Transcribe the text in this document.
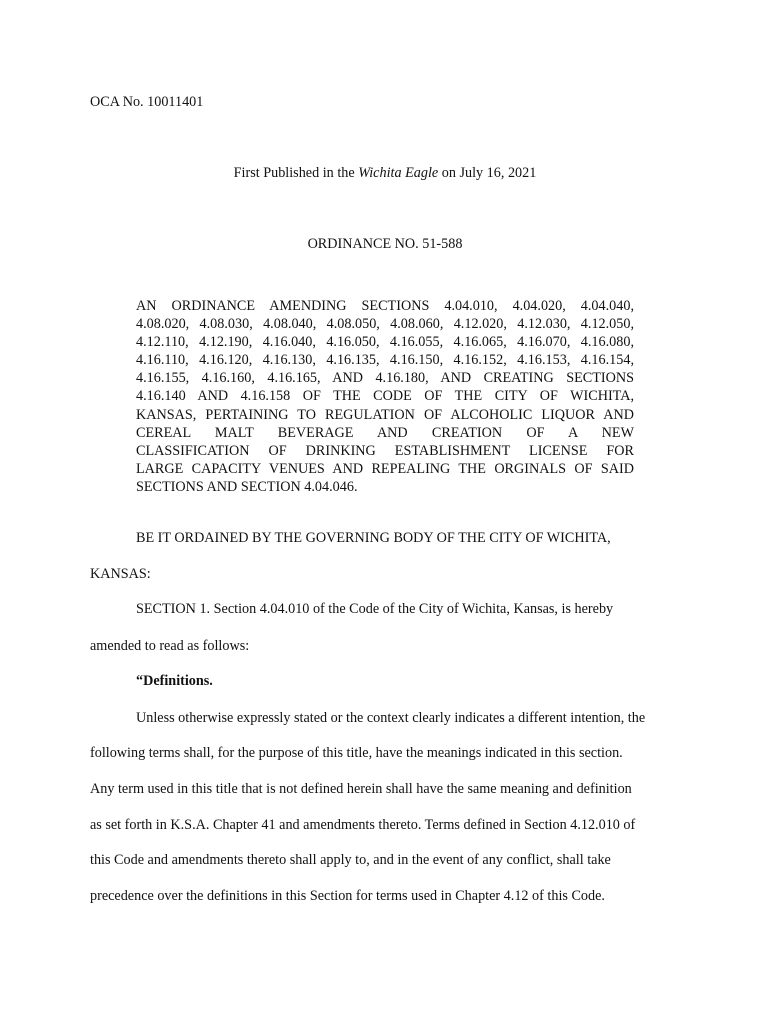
OCA No. 10011401
First Published in the Wichita Eagle on July 16, 2021
ORDINANCE NO. 51-588
AN ORDINANCE AMENDING SECTIONS 4.04.010, 4.04.020, 4.04.040,
4.08.020, 4.08.030, 4.08.040, 4.08.050, 4.08.060, 4.12.020, 4.12.030, 4.12.050,
4.12.110, 4.12.190, 4.16.040, 4.16.050, 4.16.055, 4.16.065, 4.16.070, 4.16.080,
4.16.110, 4.16.120, 4.16.130, 4.16.135, 4.16.150, 4.16.152, 4.16.153, 4.16.154,
4.16.155, 4.16.160, 4.16.165, AND 4.16.180, AND CREATING SECTIONS
4.16.140 AND 4.16.158 OF THE CODE OF THE CITY OF WICHITA,
KANSAS, PERTAINING TO REGULATION OF ALCOHOLIC LIQUOR AND
CEREAL MALT BEVERAGE AND CREATION OF A NEW
CLASSIFICATION OF DRINKING ESTABLISHMENT LICENSE FOR
LARGE CAPACITY VENUES AND REPEALING THE ORGINALS OF SAID
SECTIONS AND SECTION 4.04.046.
BE IT ORDAINED BY THE GOVERNING BODY OF THE CITY OF WICHITA,
KANSAS:
SECTION 1. Section 4.04.010 of the Code of the City of Wichita, Kansas, is hereby
amended to read as follows:
“Definitions.
Unless otherwise expressly stated or the context clearly indicates a different intention, the
following terms shall, for the purpose of this title, have the meanings indicated in this section.
Any term used in this title that is not defined herein shall have the same meaning and definition
as set forth in K.S.A. Chapter 41 and amendments thereto. Terms defined in Section 4.12.010 of
this Code and amendments thereto shall apply to, and in the event of any conflict, shall take
precedence over the definitions in this Section for terms used in Chapter 4.12 of this Code.
